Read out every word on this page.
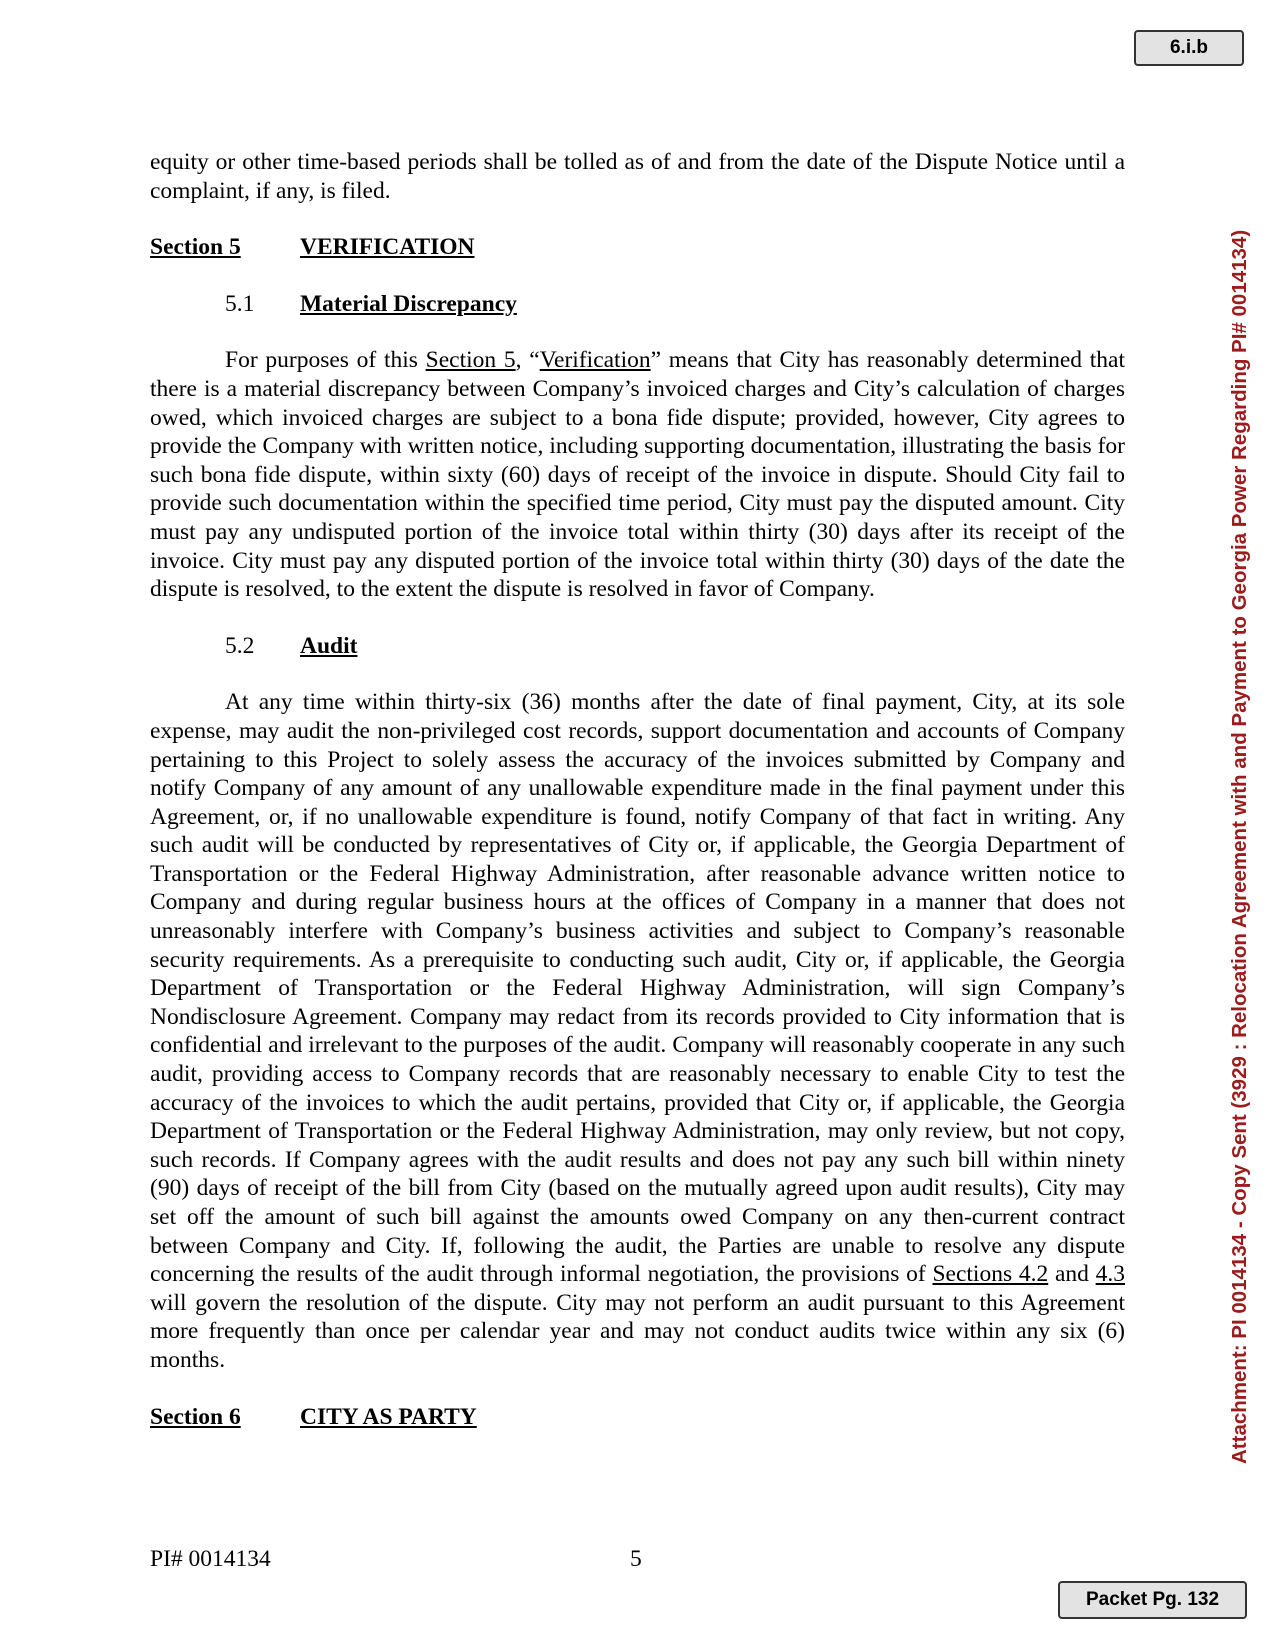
6.i.b
Attachment: PI 0014134 - Copy Sent (3929 : Relocation Agreement with and Payment to Georgia Power Regarding PI# 0014134)

equity or other time-based periods shall be tolled as of and from the date of the Dispute Notice until a complaint, if any, is filed.

Section 5	VERIFICATION
5.1 Material Discrepancy

For purposes of this Section 5, “Verification” means that City has reasonably determined that there is a material discrepancy between Company’s invoiced charges and City’s calculation of charges owed, which invoiced charges are subject to a bona fide dispute; provided, however, City agrees to provide the Company with written notice, including supporting documentation, illustrating the basis for such bona fide dispute, within sixty (60) days of receipt of the invoice in dispute. Should City fail to provide such documentation within the specified time period, City must pay the disputed amount. City must pay any undisputed portion of the invoice total within thirty (30) days after its receipt of the invoice. City must pay any disputed portion of the invoice total within thirty (30) days of the date the dispute is resolved, to the extent the dispute is resolved in favor of Company.

5.2 Audit

At any time within thirty-six (36) months after the date of final payment, City, at its sole expense, may audit the non-privileged cost records, support documentation and accounts of Company pertaining to this Project to solely assess the accuracy of the invoices submitted by Company and notify Company of any amount of any unallowable expenditure made in the final payment under this Agreement, or, if no unallowable expenditure is found, notify Company of that fact in writing. Any such audit will be conducted by representatives of City or, if applicable, the Georgia Department of Transportation or the Federal Highway Administration, after reasonable advance written notice to Company and during regular business hours at the offices of Company in a manner that does not unreasonably interfere with Company’s business activities and subject to Company’s reasonable security requirements. As a prerequisite to conducting such audit, City or, if applicable, the Georgia Department of Transportation or the Federal Highway Administration, will sign Company’s Nondisclosure Agreement. Company may redact from its records provided to City information that is confidential and irrelevant to the purposes of the audit. Company will reasonably cooperate in any such audit, providing access to Company records that are reasonably necessary to enable City to test the accuracy of the invoices to which the audit pertains, provided that City or, if applicable, the Georgia Department of Transportation or the Federal Highway Administration, may only review, but not copy, such records. If Company agrees with the audit results and does not pay any such bill within ninety (90) days of receipt of the bill from City (based on the mutually agreed upon audit results), City may set off the amount of such bill against the amounts owed Company on any then-current contract between Company and City. If, following the audit, the Parties are unable to resolve any dispute concerning the results of the audit through informal negotiation, the provisions of Sections 4.2 and 4.3 will govern the resolution of the dispute. City may not perform an audit pursuant to this Agreement more frequently than once per calendar year and may not conduct audits twice within any six (6) months.

Section 6	CITY AS PARTY
PI# 0014134	5
Packet Pg. 132
